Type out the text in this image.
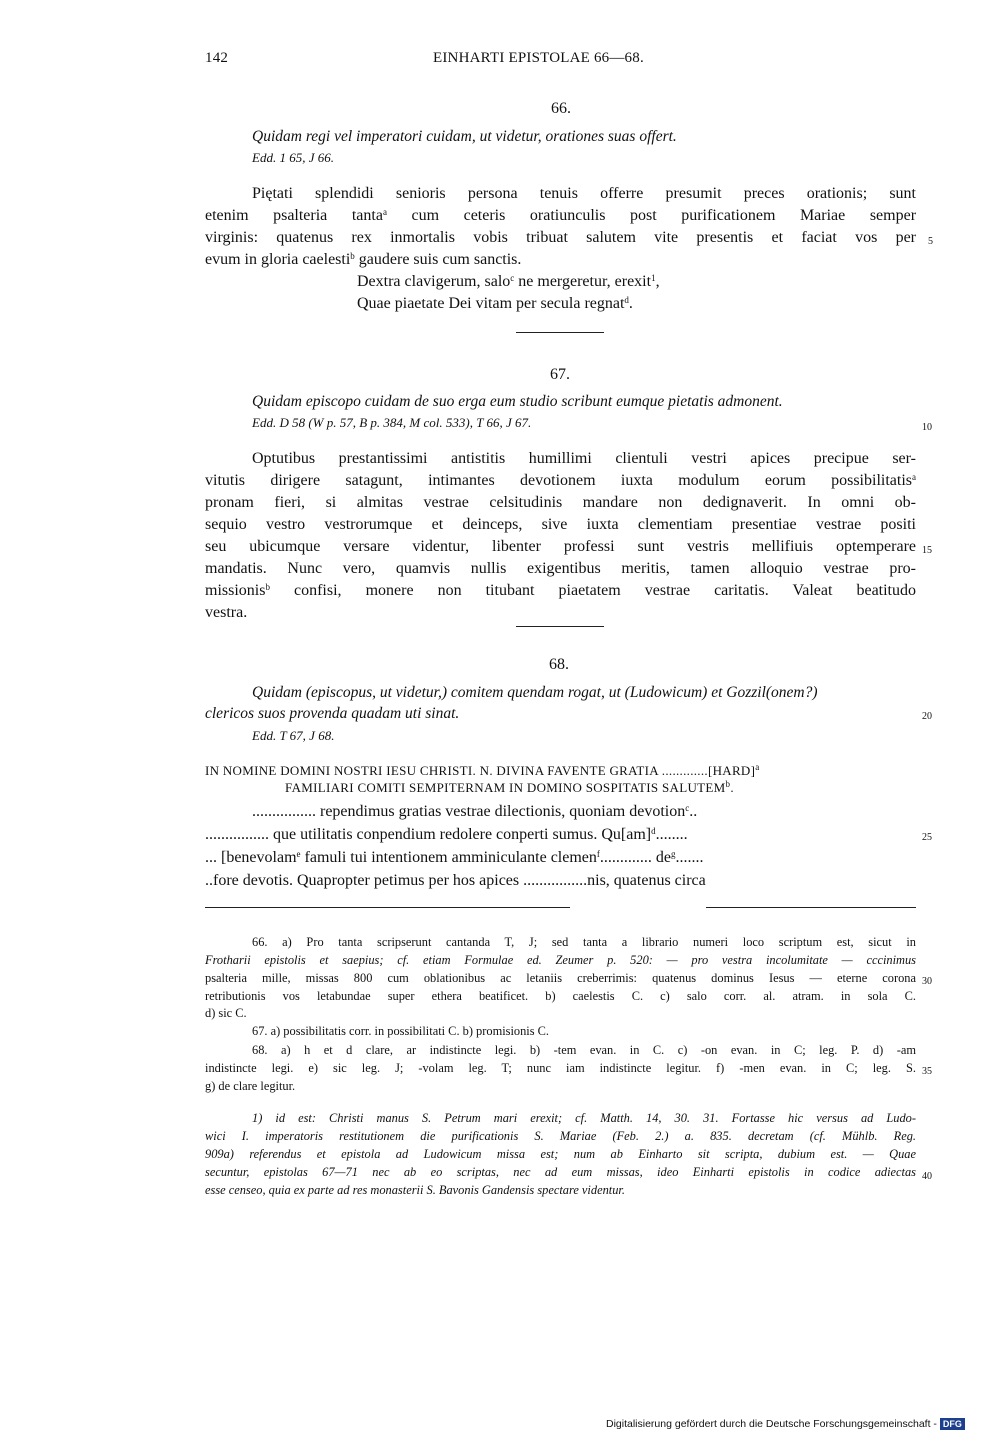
142	EINHARTI EPISTOLAE 66—68.
66.
Quidam regi vel imperatori cuidam, ut videtur, orationes suas offert.
Edd. 1 65, J 66.
Piętati splendidi senioris persona tenuis offerre presumit preces orationis; sunt
etenim psalteria tanta$^a$ cum ceteris oratiunculis post purificationem Mariae semper
virginis: quatenus rex inmortalis vobis tribuat salutem vite presentis et faciat vos per
evum in gloria caelesti$^b$ gaudere suis cum sanctis.
Dextra clavigerum, salo$^c$ ne mergeretur, erexit$^1$,
Quae piaetate Dei vitam per secula regnat$^d$.
67.
Quidam episcopo cuidam de suo erga eum studio scribunt eumque pietatis admonent.
Edd. D 58 (W p. 57, B p. 384, M col. 533), T 66, J 67.
Optutibus prestantissimi antistitis humillimi clientuli vestri apices precipue ser-
vitutis dirigere satagunt, intimantes devotionem iuxta modulum eorum possibilitatis$^a$
pronam fieri, si almitas vestrae celsitudinis mandare non dedignaverit. In omni ob-
sequio vestro vestrorumque et deinceps, sive iuxta clementiam presentiae vestrae positi
seu ubicumque versare videntur, libenter professi sunt vestris mellifiuis optemperare
mandatis. Nunc vero, quamvis nullis exigentibus meritis, tamen alloquio vestrae pro-
missionis$^b$ confisi, monere non titubant piaetatem vestrae caritatis. Valeat beatitudo
vestra.
68.
Quidam (episcopus, ut videtur,) comitem quendam rogat, ut (Ludowicum) et Gozzil(onem?)
clericos suos provenda quadam uti sinat.
Edd. T 67, J 68.
IN NOMINE DOMINI NOSTRI IESU CHRISTI. N. DIVINA FAVENTE GRATIA .............[HARD]$^a$
FAMILIARI COMITI SEMPITERNAM IN DOMINO SOSPITATIS SALUTEM$^b$.
................ rependimus gratias vestrae dilectionis, quoniam devotion$^c$..
................ que utilitatis conpendium redolere conperti sumus. Qu[am]$^d$........
... [benevolam$^e$ famuli tui intentionem amminiculante clemen$^f$............. $de^g$.......
..fore devotis. Quapropter petimus per hos apices ................nis, quatenus circa
5
10
15
20
25
30
35
40
66. a) Pro tanta scripserunt cantanda T, J; sed tanta a librario numeri loco scriptum est, sicut in
Frotharii epistolis et saepius; cf. etiam Formulae ed. Zeumer p. 520: — pro vestra incolumitate — cccinimus
psalteria mille, missas 800 cum oblationibus ac letaniis creberrimis: quatenus dominus Iesus — eterne corona
retributionis vos letabundae super ethera beatificet. b) caelestis C. c) salo corr. al. atram. in sola C.
d) sic C.
67. a) possibilitatis corr. in possibilitati C. b) promisionis C.
68. a) h et d clare, ar indistincte legi. b) -tem evan. in C. c) -on evan. in C; leg. P. d) -am
indistincte legi. e) sic leg. J; -volam leg. T; nunc iam indistincte legitur. f) -men evan. in C; leg. S.
g) de clare legitur.
1) id est: Christi manus S. Petrum mari erexit; cf. Matth. 14, 30. 31. Fortasse hic versus ad Ludo-
wici I. imperatoris restitutionem die purificationis S. Mariae (Feb. 2.) a. 835. decretam (cf. Mühlb. Reg.
909a) referendus et epistola ad Ludowicum missa est; num ab Einharto sit scripta, dubium est. — Quae
secuntur, epistolas 67—71 nec ab eo scriptas, nec ad eum missas, ideo Einharti epistolis in codice adiectas
esse censeo, quia ex parte ad res monasterii S. Bavonis Gandensis spectare videntur.
Digitalisierung gefördert durch die Deutsche Forschungsgemeinschaft - DFG
